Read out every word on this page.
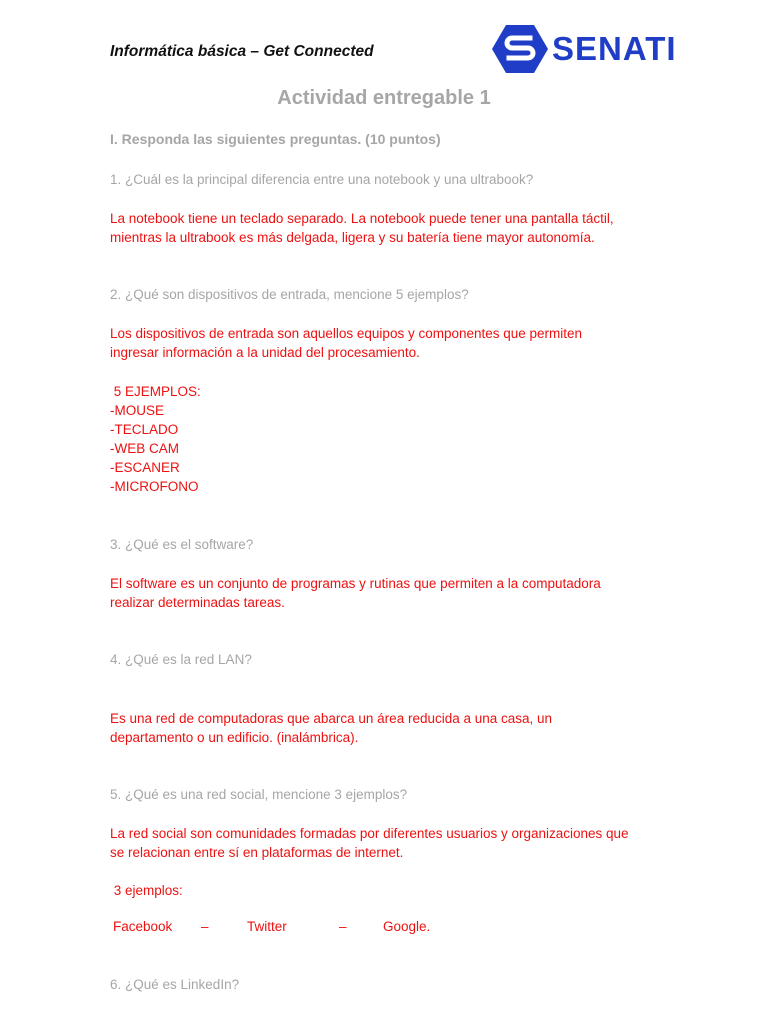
Informática básica – Get Connected	SENATI
Actividad entregable 1
I. Responda las siguientes preguntas. (10 puntos)
1. ¿Cuál es la principal diferencia entre una notebook y una ultrabook?
La notebook tiene un teclado separado. La notebook puede tener una pantalla táctil,
mientras la ultrabook es más delgada, ligera y su batería tiene mayor autonomía.
2. ¿Qué son dispositivos de entrada, mencione 5 ejemplos?
Los dispositivos de entrada son aquellos equipos y componentes que permiten
ingresar información a la unidad del procesamiento.
5 EJEMPLOS:
-MOUSE
-TECLADO
-WEB CAM
-ESCANER
-MICROFONO
3. ¿Qué es el software?
El software es un conjunto de programas y rutinas que permiten a la computadora
realizar determinadas tareas.
4. ¿Qué es la red LAN?
Es una red de computadoras que abarca un área reducida a una casa, un
departamento o un edificio. (inalámbrica).
5. ¿Qué es una red social, mencione 3 ejemplos?
La red social son comunidades formadas por diferentes usuarios y organizaciones que
se relacionan entre sí en plataformas de internet.
3 ejemplos:
Facebook –	Twitter	–	Google.
6. ¿Qué es LinkedIn?
